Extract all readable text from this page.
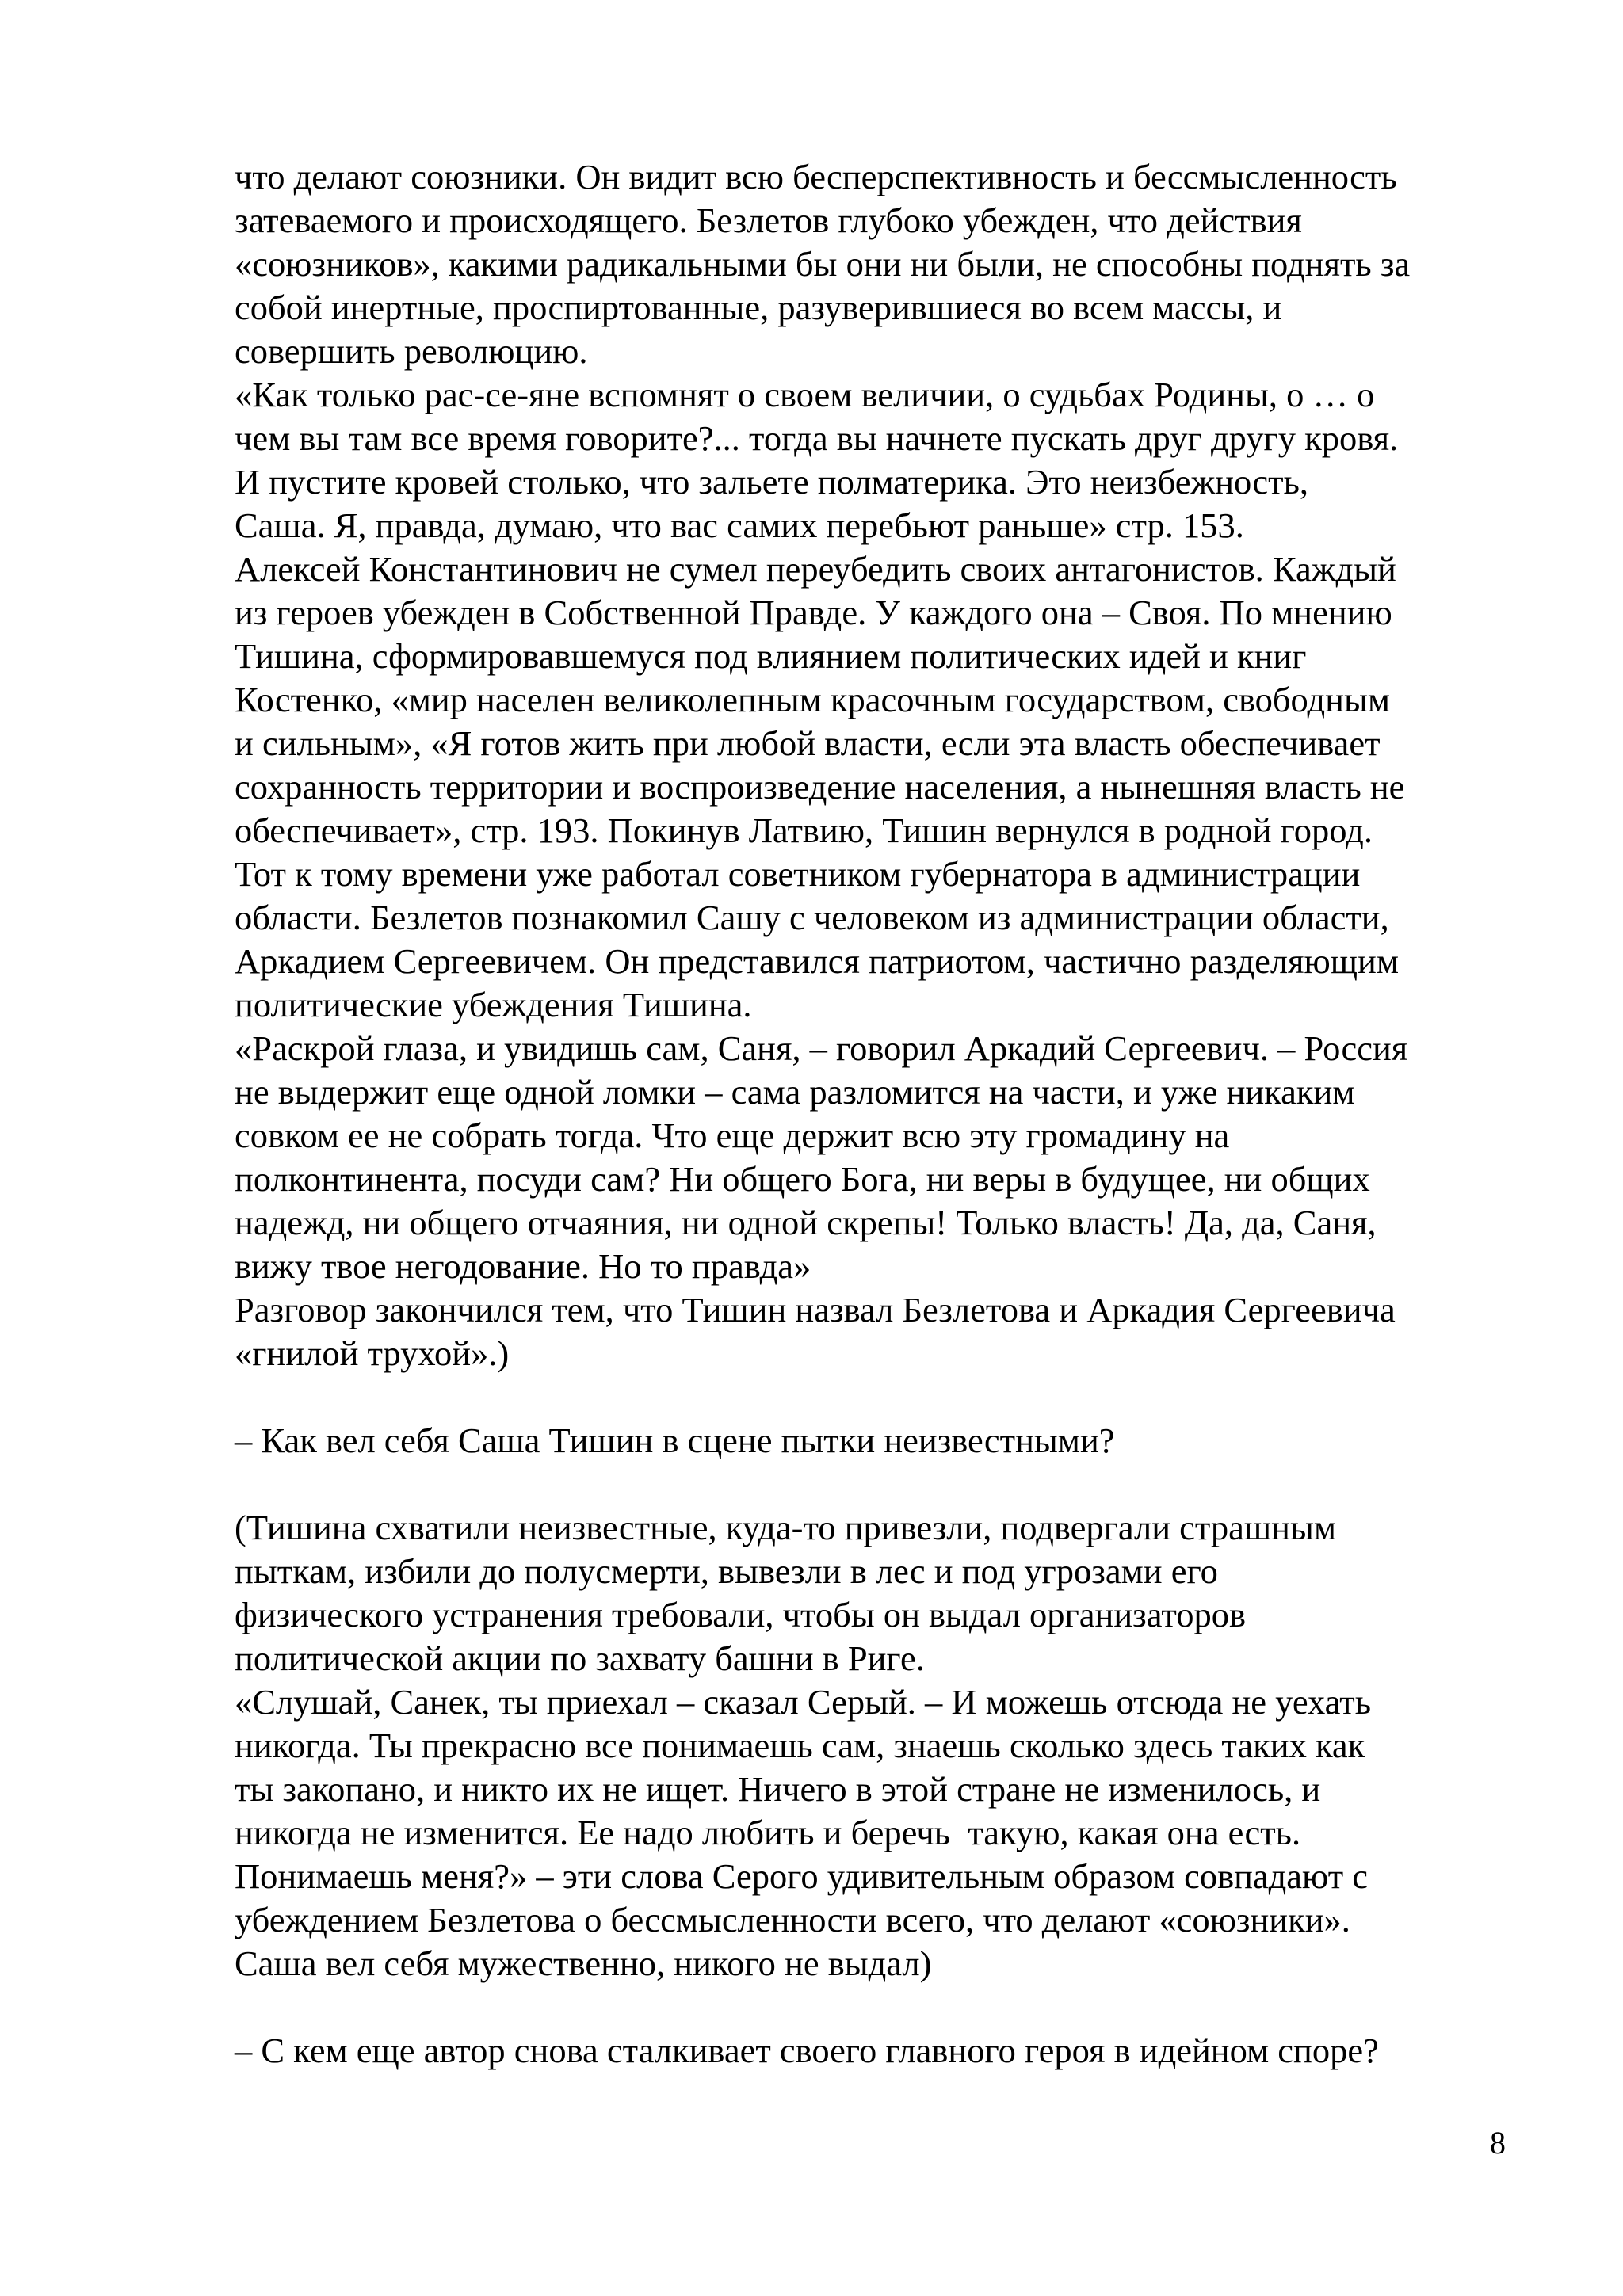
что делают союзники. Он видит всю бесперспективность и бессмысленность
затеваемого и происходящего. Безлетов глубоко убежден, что действия
«союзников», какими радикальными бы они ни были, не способны поднять за
собой инертные, проспиртованные, разуверившиеся во всем массы, и
совершить революцию.
«Как только рас-се-яне вспомнят о своем величии, о судьбах Родины, о … о
чем вы там все время говорите?... тогда вы начнете пускать друг другу кровя.
И пустите кровей столько, что зальете полматерика. Это неизбежность,
Саша. Я, правда, думаю, что вас самих перебьют раньше» стр. 153.
Алексей Константинович не сумел переубедить своих антагонистов. Каждый
из героев убежден в Собственной Правде. У каждого она – Своя. По мнению
Тишина, сформировавшемуся под влиянием политических идей и книг
Костенко, «мир населен великолепным красочным государством, свободным
и сильным», «Я готов жить при любой власти, если эта власть обеспечивает
сохранность территории и воспроизведение населения, а нынешняя власть не
обеспечивает», стр. 193. Покинув Латвию, Тишин вернулся в родной город.
Тот к тому времени уже работал советником губернатора в администрации
области. Безлетов познакомил Сашу с человеком из администрации области,
Аркадием Сергеевичем. Он представился патриотом, частично разделяющим
политические убеждения Тишина.
«Раскрой глаза, и увидишь сам, Саня, – говорил Аркадий Сергеевич. – Россия
не выдержит еще одной ломки – сама разломится на части, и уже никаким
совком ее не собрать тогда. Что еще держит всю эту громадину на
полконтинента, посуди сам? Ни общего Бога, ни веры в будущее, ни общих
надежд, ни общего отчаяния, ни одной скрепы! Только власть! Да, да, Саня,
вижу твое негодование. Но то правда»
Разговор закончился тем, что Тишин назвал Безлетова и Аркадия Сергеевича
«гнилой трухой».)
– Как вел себя Саша Тишин в сцене пытки неизвестными?
(Тишина схватили неизвестные, куда-то привезли, подвергали страшным
пыткам, избили до полусмерти, вывезли в лес и под угрозами его
физического устранения требовали, чтобы он выдал организаторов
политической акции по захвату башни в Риге.
«Слушай, Санек, ты приехал – сказал Серый. – И можешь отсюда не уехать
никогда. Ты прекрасно все понимаешь сам, знаешь сколько здесь таких как
ты закопано, и никто их не ищет. Ничего в этой стране не изменилось, и
никогда не изменится. Ее надо любить и беречь  такую, какая она есть.
Понимаешь меня?» – эти слова Серого удивительным образом совпадают с
убеждением Безлетова о бессмысленности всего, что делают «союзники».
Саша вел себя мужественно, никого не выдал)
– С кем еще автор снова сталкивает своего главного героя в идейном споре?
8
